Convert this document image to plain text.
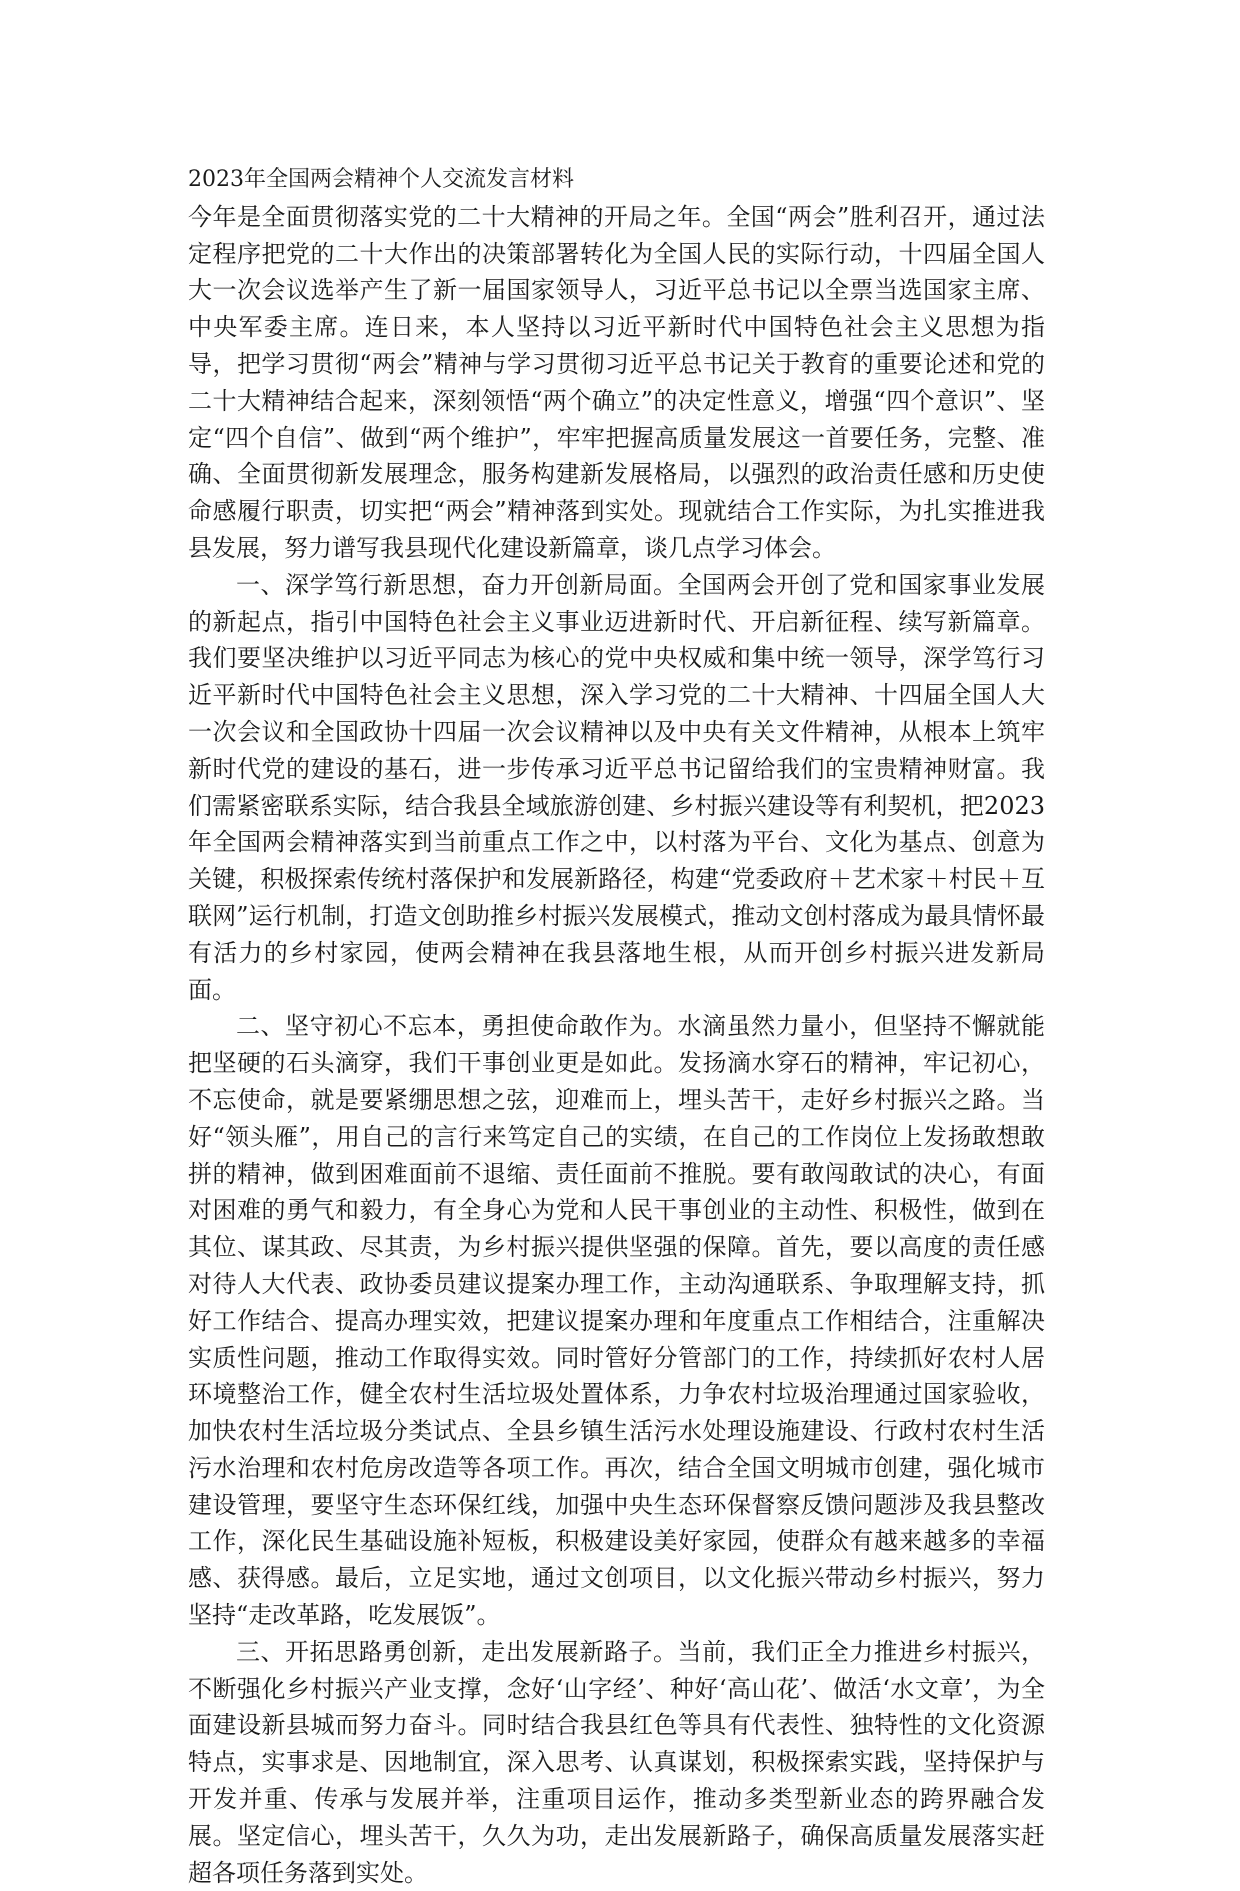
2023年全国两会精神个人交流发言材料

今年是全面贯彻落实党的二十大精神的开局之年。全国“两会”胜利召开，通过法定程序把党的二十大作出的决策部署转化为全国人民的实际行动，十四届全国人大一次会议选举产生了新一届国家领导人，习近平总书记以全票当选国家主席、中央军委主席。连日来，本人坚持以习近平新时代中国特色社会主义思想为指导，把学习贯彻“两会”精神与学习贯彻习近平总书记关于教育的重要论述和党的二十大精神结合起来，深刻领悟“两个确立”的决定性意义，增强“四个意识”、坚定“四个自信”、做到“两个维护”，牢牢把握高质量发展这一首要任务，完整、准确、全面贯彻新发展理念，服务构建新发展格局，以强烈的政治责任感和历史使命感履行职责，切实把“两会”精神落到实处。现就结合工作实际，为扎实推进我县发展，努力谱写我县现代化建设新篇章，谈几点学习体会。

一、深学笃行新思想，奋力开创新局面。全国两会开创了党和国家事业发展的新起点，指引中国特色社会主义事业迈进新时代、开启新征程、续写新篇章。我们要坚决维护以习近平同志为核心的党中央权威和集中统一领导，深学笃行习近平新时代中国特色社会主义思想，深入学习党的二十大精神、十四届全国人大一次会议和全国政协十四届一次会议精神以及中央有关文件精神，从根本上筑牢新时代党的建设的基石，进一步传承习近平总书记留给我们的宝贵精神财富。我们需紧密联系实际，结合我县全域旅游创建、乡村振兴建设等有利契机，把2023年全国两会精神落实到当前重点工作之中，以村落为平台、文化为基点、创意为关键，积极探索传统村落保护和发展新路径，构建“党委政府＋艺术家＋村民＋互联网”运行机制，打造文创助推乡村振兴发展模式，推动文创村落成为最具情怀最有活力的乡村家园，使两会精神在我县落地生根，从而开创乡村振兴进发新局面。

二、坚守初心不忘本，勇担使命敢作为。水滴虽然力量小，但坚持不懈就能把坚硬的石头滴穿，我们干事创业更是如此。发扬滴水穿石的精神，牢记初心，不忘使命，就是要紧绷思想之弦，迎难而上，埋头苦干，走好乡村振兴之路。当好“领头雁”，用自己的言行来笃定自己的实绩，在自己的工作岗位上发扬敢想敢拼的精神，做到困难面前不退缩、责任面前不推脱。要有敢闯敢试的决心，有面对困难的勇气和毅力，有全身心为党和人民干事创业的主动性、积极性，做到在其位、谋其政、尽其责，为乡村振兴提供坚强的保障。首先，要以高度的责任感对待人大代表、政协委员建议提案办理工作，主动沟通联系、争取理解支持，抓好工作结合、提高办理实效，把建议提案办理和年度重点工作相结合，注重解决实质性问题，推动工作取得实效。同时管好分管部门的工作，持续抓好农村人居环境整治工作，健全农村生活垃圾处置体系，力争农村垃圾治理通过国家验收，加快农村生活垃圾分类试点、全县乡镇生活污水处理设施建设、行政村农村生活污水治理和农村危房改造等各项工作。再次，结合全国文明城市创建，强化城市建设管理，要坚守生态环保红线，加强中央生态环保督察反馈问题涉及我县整改工作，深化民生基础设施补短板，积极建设美好家园，使群众有越来越多的幸福感、获得感。最后，立足实地，通过文创项目，以文化振兴带动乡村振兴，努力坚持“走改革路，吃发展饭”。

三、开拓思路勇创新，走出发展新路子。当前，我们正全力推进乡村振兴，不断强化乡村振兴产业支撑，念好‘山字经’、种好‘高山花’、做活‘水文章’，为全面建设新县城而努力奋斗。同时结合我县红色等具有代表性、独特性的文化资源特点，实事求是、因地制宜，深入思考、认真谋划，积极探索实践，坚持保护与开发并重、传承与发展并举，注重项目运作，推动多类型新业态的跨界融合发展。坚定信心，埋头苦干，久久为功，走出发展新路子，确保高质量发展落实赶超各项任务落到实处。
